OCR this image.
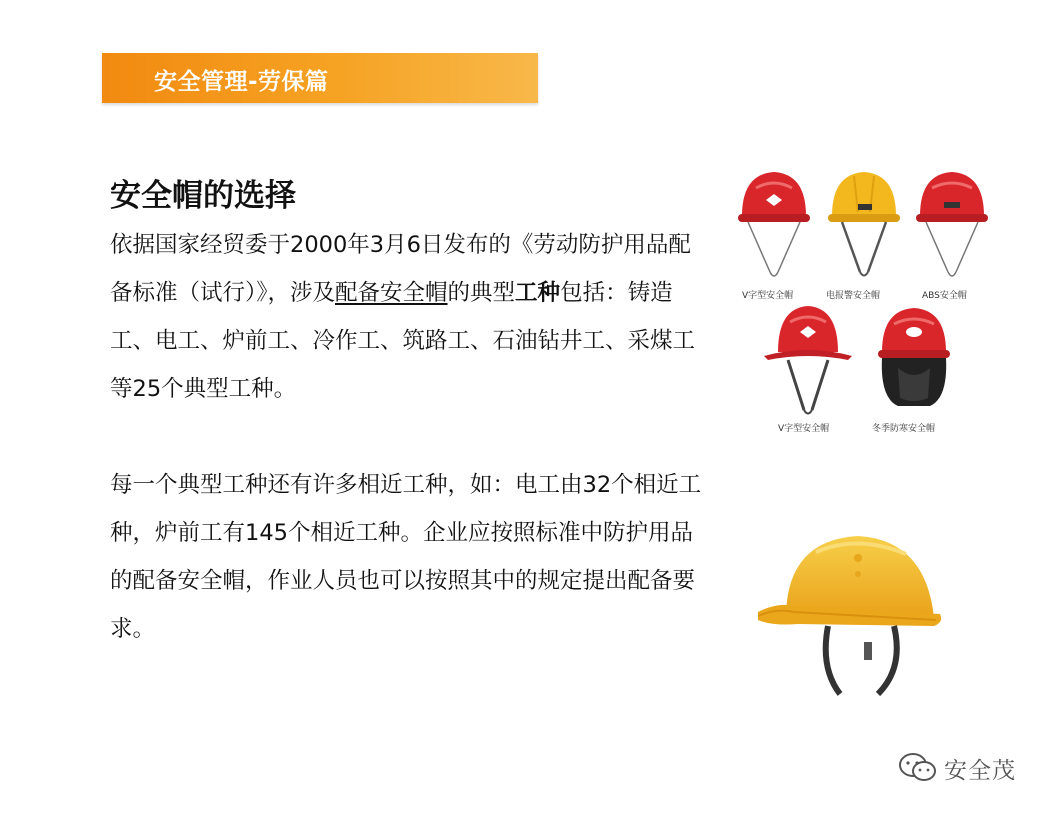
安全管理-劳保篇
安全帽的选择
依据国家经贸委于2000年3月6日发布的《劳动防护用品配备标准（试行）》，涉及配备安全帽的典型工种包括：铸造工、电工、炉前工、冷作工、筑路工、石油钻井工、采煤工等25个典型工种。
每一个典型工种还有许多相近工种，如：电工由32个相近工种，炉前工有145个相近工种。企业应按照标准中防护用品的配备安全帽，作业人员也可以按照其中的规定提出配备要求。
V字型安全帽	电报警安全帽	ABS安全帽
V字型安全帽	冬季防寒安全帽
安全茂
